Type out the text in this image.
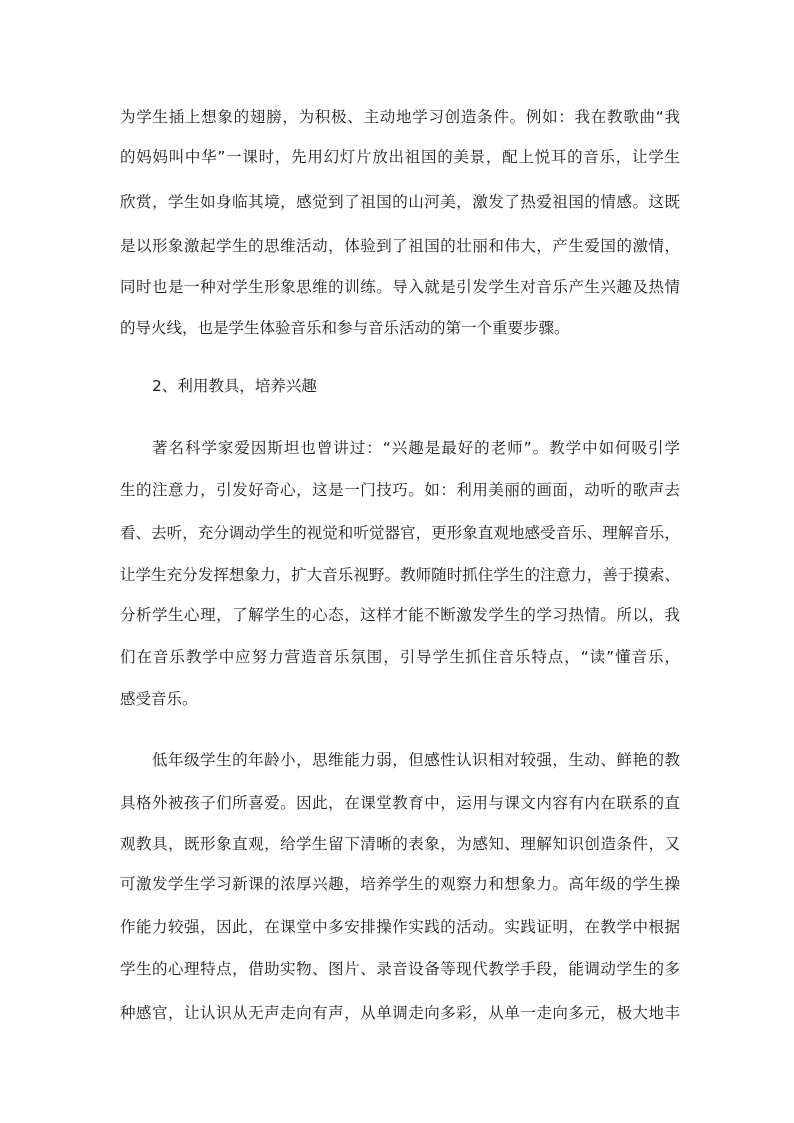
为学生插上想象的翅膀，为积极、主动地学习创造条件。例如：我在教歌曲“我
的妈妈叫中华”一课时，先用幻灯片放出祖国的美景，配上悦耳的音乐，让学生
欣赏，学生如身临其境，感觉到了祖国的山河美，激发了热爱祖国的情感。这既
是以形象激起学生的思维活动，体验到了祖国的壮丽和伟大，产生爱国的激情，
同时也是一种对学生形象思维的训练。导入就是引发学生对音乐产生兴趣及热情
的导火线，也是学生体验音乐和参与音乐活动的第一个重要步骤。
2、利用教具，培养兴趣
著名科学家爱因斯坦也曾讲过：“兴趣是最好的老师”。教学中如何吸引学
生的注意力，引发好奇心，这是一门技巧。如：利用美丽的画面，动听的歌声去
看、去听，充分调动学生的视觉和听觉器官，更形象直观地感受音乐、理解音乐，
让学生充分发挥想象力，扩大音乐视野。教师随时抓住学生的注意力，善于摸索、
分析学生心理，了解学生的心态，这样才能不断激发学生的学习热情。所以，我
们在音乐教学中应努力营造音乐氛围，引导学生抓住音乐特点，“读”懂音乐，
感受音乐。
低年级学生的年龄小，思维能力弱，但感性认识相对较强，生动、鲜艳的教
具格外被孩子们所喜爱。因此，在课堂教育中，运用与课文内容有内在联系的直
观教具，既形象直观，给学生留下清晰的表象，为感知、理解知识创造条件，又
可激发学生学习新课的浓厚兴趣，培养学生的观察力和想象力。高年级的学生操
作能力较强，因此，在课堂中多安排操作实践的活动。实践证明，在教学中根据
学生的心理特点，借助实物、图片、录音设备等现代教学手段，能调动学生的多
种感官，让认识从无声走向有声，从单调走向多彩，从单一走向多元，极大地丰
